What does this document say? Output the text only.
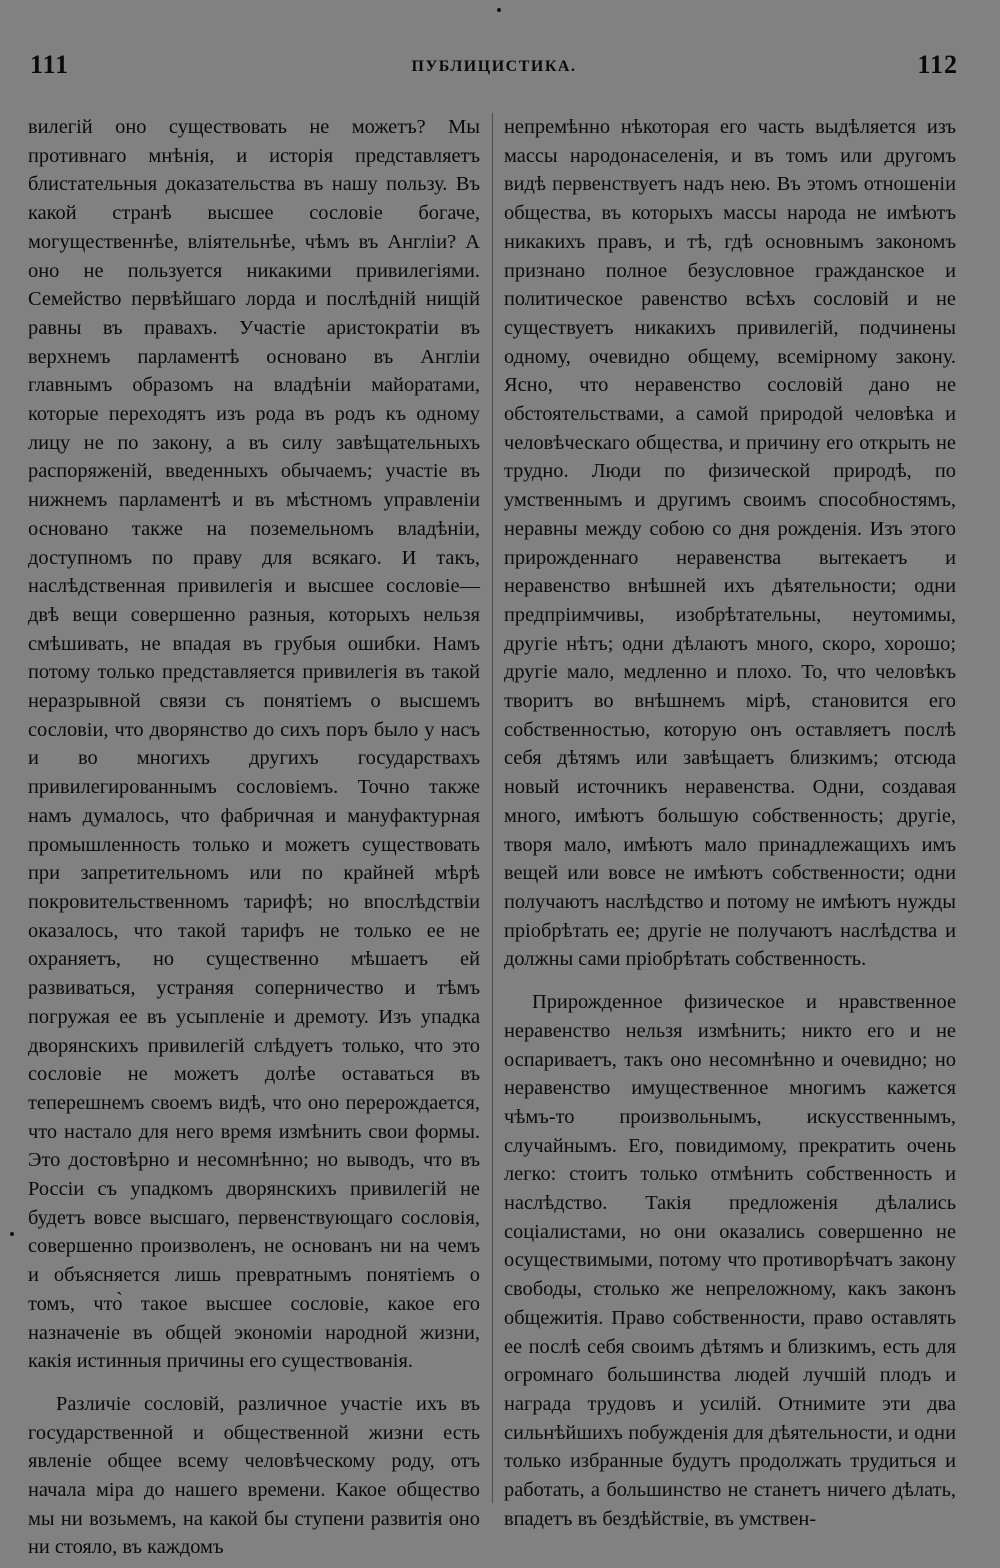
111	ПУБЛИЦИСТИКА.	112

вилегій оно существовать не можетъ? Мы противнаго мнѣнія, и исторія представляетъ блистательныя доказательства въ нашу пользу. Въ какой странѣ высшее сословіе богаче, могущественнѣе, вліятельнѣе, чѣмъ въ Англіи? А оно не пользуется никакими привилегіями. Семейство первѣйшаго лорда и послѣдній нищій равны въ правахъ. Участіе аристократіи въ верхнемъ парламентѣ основано въ Англіи главнымъ образомъ на владѣніи майоратами, которые переходятъ изъ рода въ родъ къ одному лицу не по закону, а въ силу завѣщательныхъ распоряженій, введенныхъ обычаемъ; участіе въ нижнемъ парламентѣ и въ мѣстномъ управленіи основано также на поземельномъ владѣніи, доступномъ по праву для всякаго. И такъ, наслѣдственная привилегія и высшее сословіе—двѣ вещи совершенно разныя, которыхъ нельзя смѣшивать, не впадая въ грубыя ошибки. Намъ потому только представляется привилегія въ такой неразрывной связи съ понятіемъ о высшемъ сословіи, что дворянство до сихъ поръ было у насъ и во многихъ другихъ государствахъ привилегированнымъ сословіемъ. Точно также намъ думалось, что фабричная и мануфактурная промышленность только и можетъ существовать при запретительномъ или по крайней мѣрѣ покровительственномъ тарифѣ; но впослѣдствіи оказалось, что такой тарифъ не только ее не охраняетъ, но существенно мѣшаетъ ей развиваться, устраняя соперничество и тѣмъ погружая ее въ усыпленіе и дремоту. Изъ упадка дворянскихъ привилегій слѣдуетъ только, что это сословіе не можетъ долѣе оставаться въ теперешнемъ своемъ видѣ, что оно перерождается, что настало для него время измѣнить свои формы. Это достовѣрно и несомнѣнно; но выводъ, что въ Россіи съ упадкомъ дворянскихъ привилегій не будетъ вовсе высшаго, первенствующаго сословія, совершенно произволенъ, не основанъ ни на чемъ и объясняется лишь превратнымъ понятіемъ о томъ, что̀ такое высшее сословіе, какое его назначеніе въ общей экономіи народной жизни, какія истинныя причины его существованія.

Различіе сословій, различное участіе ихъ въ государственной и общественной жизни есть явленіе общее всему человѣческому роду, отъ начала міра до нашего времени. Какое общество мы ни возьмемъ, на какой бы ступени развитія оно ни стояло, въ каждомъ

непремѣнно нѣкоторая его часть выдѣляется изъ массы народонаселенія, и въ томъ или другомъ видѣ первенствуетъ надъ нею. Въ этомъ отношеніи общества, въ которыхъ массы народа не имѣютъ никакихъ правъ, и тѣ, гдѣ основнымъ закономъ признано полное безусловное гражданское и политическое равенство всѣхъ сословій и не существуетъ никакихъ привилегій, подчинены одному, очевидно общему, всемірному закону. Ясно, что неравенство сословій дано не обстоятельствами, а самой природой человѣка и человѣческаго общества, и причину его открыть не трудно. Люди по физической природѣ, по умственнымъ и другимъ своимъ способностямъ, неравны между собою со дня рожденія. Изъ этого прирожденнаго неравенства вытекаетъ и неравенство внѣшней ихъ дѣятельности; одни предпріимчивы, изобрѣтательны, неутомимы, другіе нѣтъ; одни дѣлаютъ много, скоро, хорошо; другіе мало, медленно и плохо. То, что человѣкъ творитъ во внѣшнемъ мірѣ, становится его собственностью, которую онъ оставляетъ послѣ себя дѣтямъ или завѣщаетъ близкимъ; отсюда новый источникъ неравенства. Одни, создавая много, имѣютъ большую собственность; другіе, творя мало, имѣютъ мало принадлежащихъ имъ вещей или вовсе не имѣютъ собственности; одни получаютъ наслѣдство и потому не имѣютъ нужды пріобрѣтать ее; другіе не получаютъ наслѣдства и должны сами пріобрѣтать собственность.

Прирожденное физическое и нравственное неравенство нельзя измѣнить; никто его и не оспариваетъ, такъ оно несомнѣнно и очевидно; но неравенство имущественное многимъ кажется чѣмъ-то произвольнымъ, искусственнымъ, случайнымъ. Его, повидимому, прекратить очень легко: стоитъ только отмѣнить собственность и наслѣдство. Такія предложенія дѣлались соціалистами, но они оказались совершенно не осуществимыми, потому что противорѣчатъ закону свободы, столько же непреложному, какъ законъ общежитія. Право собственности, право оставлять ее послѣ себя своимъ дѣтямъ и близкимъ, есть для огромнаго большинства людей лучшій плодъ и награда трудовъ и усилій. Отнимите эти два сильнѣйшихъ побужденія для дѣятельности, и одни только избранные будутъ продолжать трудиться и работать, а большинство не станетъ ничего дѣлать, впадетъ въ бездѣйствіе, въ умствен-
